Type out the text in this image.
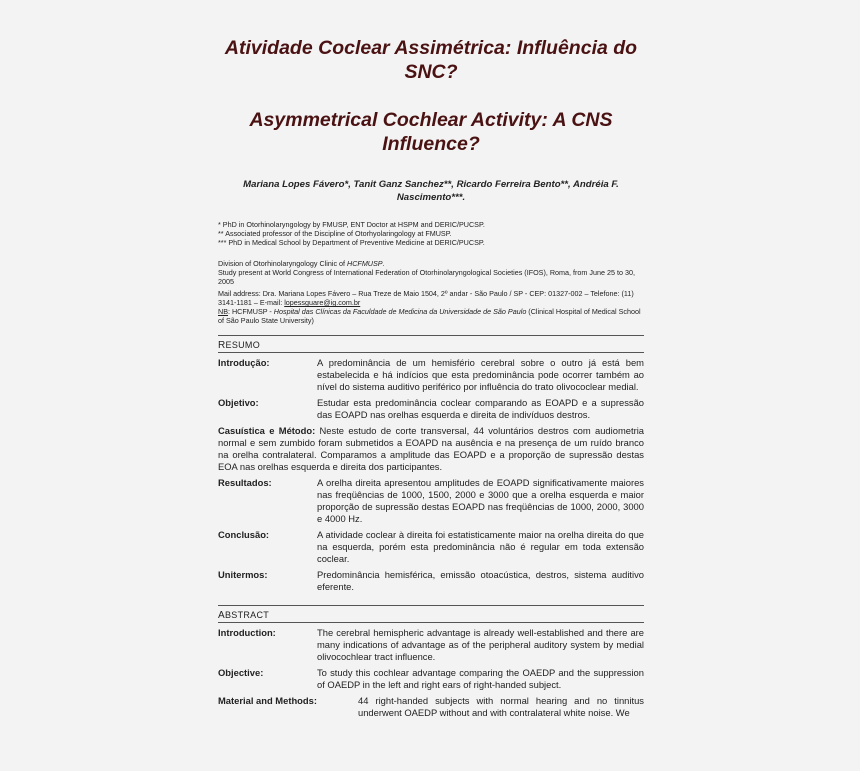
Atividade Coclear Assimétrica: Influência do
SNC?
Asymmetrical Cochlear Activity: A CNS
Influence?
Mariana Lopes Fávero*, Tanit Ganz Sanchez**, Ricardo Ferreira Bento**, Andréia F.
Nascimento***.
* PhD in Otorhinolaryngology by FMUSP, ENT Doctor at HSPM and DERIC/PUCSP.
** Associated professor of the Discipline of Otorhyolaringology at FMUSP.
*** PhD in Medical School by Department of Preventive Medicine at DERIC/PUCSP.

Division of Otorhinolaryngology Clinic of HCFMUSP.

Study present at World Congress of International Federation of Otorhinolaryngological Societies (IFOS), Roma, from June 25 to 30, 2005

Mail address: Dra. Mariana Lopes Fávero – Rua Treze de Maio 1504, 2º andar - São Paulo / SP - CEP: 01327-002 – Telefone: (11) 3141-1181 – E-mail: lopessguare@ig.com.br

NB: HCFMUSP - Hospital das Clínicas da Faculdade de Medicina da Universidade de São Paulo (Clinical Hospital of Medical School of São Paulo State University)

RESUMO
Introdução:	A predominância de um hemisfério cerebral sobre o outro já está bem estabelecida e há indícios que esta predominância pode ocorrer também ao nível do sistema auditivo periférico por influência do trato olivococlear medial.
Objetivo:	Estudar esta predominância coclear comparando as EOAPD e a supressão das EOAPD nas orelhas esquerda e direita de indivíduos destros.
Casuística e Método: Neste estudo de corte transversal, 44 voluntários destros com audiometria normal e sem zumbido foram submetidos a EOAPD na ausência e na presença de um ruído branco na orelha contralateral. Comparamos a amplitude das EOAPD e a proporção de supressão destas EOA nas orelhas esquerda e direita dos participantes.
Resultados:	A orelha direita apresentou amplitudes de EOAPD significativamente maiores nas freqüências de 1000, 1500, 2000 e 3000 que a orelha esquerda e maior proporção de supressão destas EOAPD nas freqüências de 1000, 2000, 3000 e 4000 Hz.
Conclusão:	A atividade coclear à direita foi estatisticamente maior na orelha direita do que na esquerda, porém esta predominância não é regular em toda extensão coclear.
Unitermos:	Predominância hemisférica, emissão otoacústica, destros, sistema auditivo eferente.
ABSTRACT
Introduction:	The cerebral hemispheric advantage is already well-established and there are many indications of advantage as of the peripheral auditory system by medial olivocochlear tract influence.
Objective:	To study this cochlear advantage comparing the OAEDP and the suppression of OAEDP in the left and right ears of right-handed subject.
Material and Methods:	44 right-handed subjects with normal hearing and no tinnitus underwent OAEDP without and with contralateral white noise. We
